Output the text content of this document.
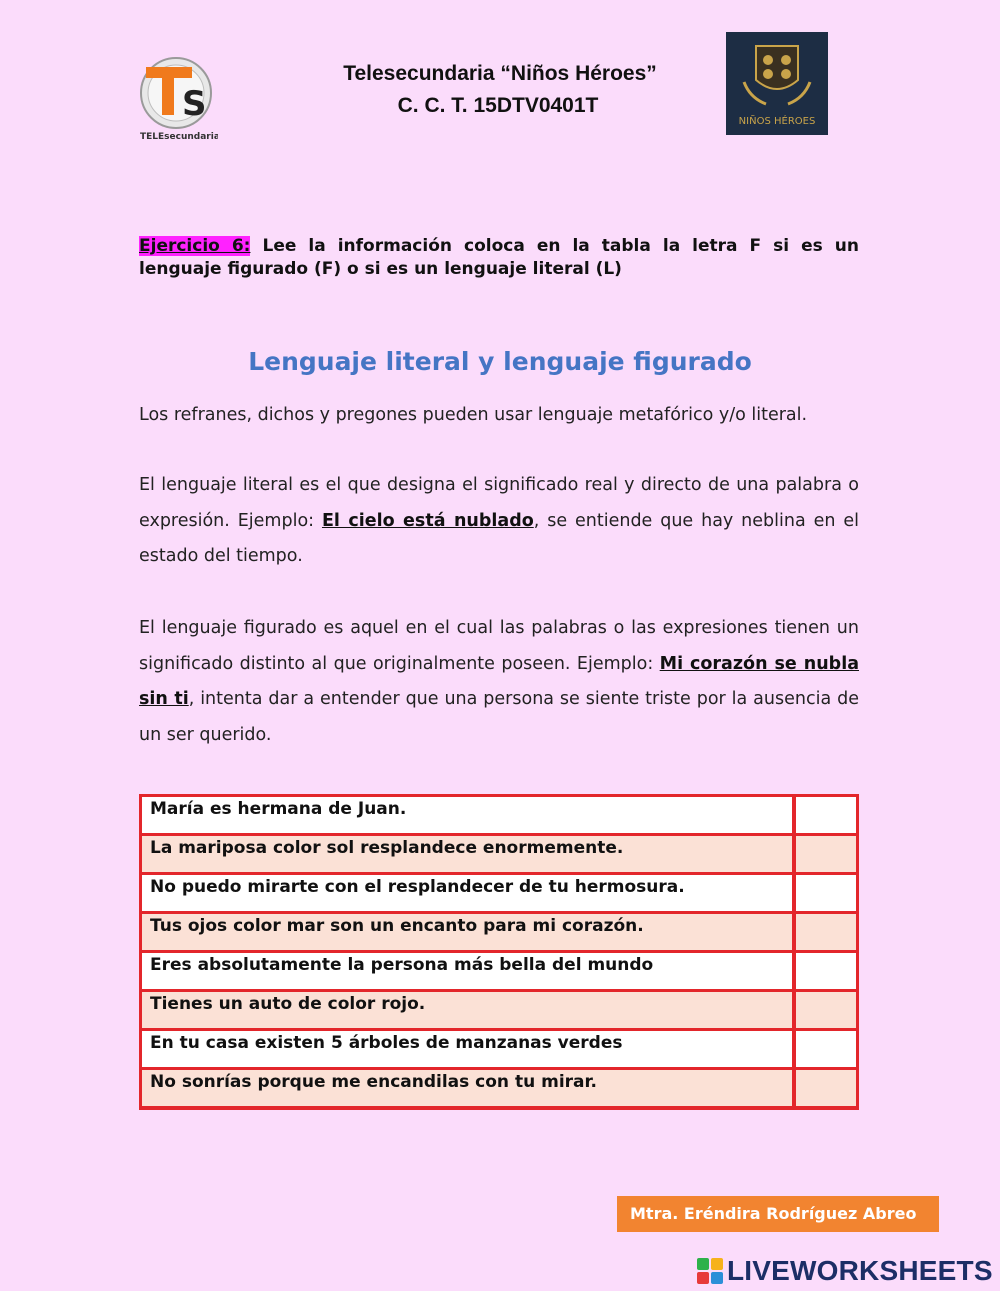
S
TELEsecundaria
NIÑOS HÉROES
Telesecundaria “Niños Héroes”
C. C. T. 15DTV0401T
Ejercicio 6: Lee la información coloca en la tabla la letra F si es un lenguaje figurado (F) o si es un lenguaje literal (L)
Lenguaje literal y lenguaje figurado
Los refranes, dichos y pregones pueden usar lenguaje metafórico y/o literal.
El lenguaje literal es el que designa el significado real y directo de una palabra o expresión. Ejemplo: El cielo está nublado, se entiende que hay neblina en el estado del tiempo.
El lenguaje figurado es aquel en el cual las palabras o las expresiones tienen un significado distinto al que originalmente poseen. Ejemplo: Mi corazón se nubla sin ti, intenta dar a entender que una persona se siente triste por la ausencia de un ser querido.
María es hermana de Juan.
La mariposa color sol resplandece enormemente.
No puedo mirarte con el resplandecer de tu hermosura.
Tus ojos color mar son un encanto para mi corazón.
Eres absolutamente la persona más bella del mundo
Tienes un auto de color rojo.
En tu casa existen 5 árboles de manzanas verdes
No sonrías porque me encandilas con tu mirar.
Mtra. Eréndira Rodríguez Abreo
LIVEWORKSHEETS
